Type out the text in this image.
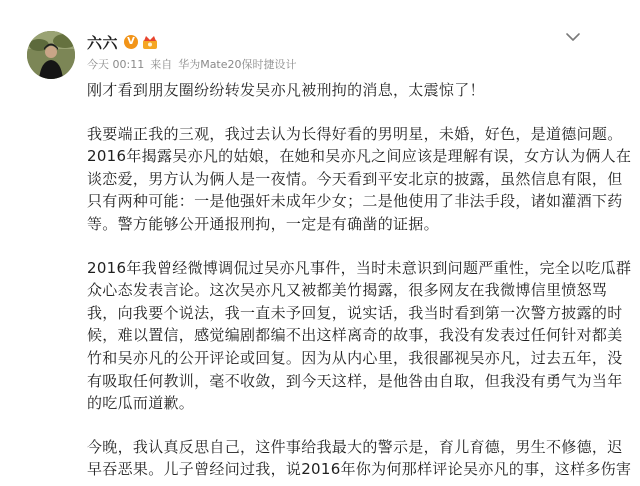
六六 V
今天 00:11 来自 华为Mate20保时捷设计

刚才看到朋友圈纷纷转发吴亦凡被刑拘的消息，太震惊了！

我要端正我的三观，我过去认为长得好看的男明星，未婚，好色，是道德问题。
2016年揭露吴亦凡的姑娘，在她和吴亦凡之间应该是理解有误，女方认为俩人在
谈恋爱，男方认为俩人是一夜情。今天看到平安北京的披露，虽然信息有限，但
只有两种可能：一是他强奸未成年少女；二是他使用了非法手段，诸如灌酒下药
等。警方能够公开通报刑拘，一定是有确凿的证据。

2016年我曾经微博调侃过吴亦凡事件，当时未意识到问题严重性，完全以吃瓜群
众心态发表言论。这次吴亦凡又被都美竹揭露，很多网友在我微博信里愤怒骂
我，向我要个说法，我一直未予回复，说实话，我当时看到第一次警方披露的时
候，难以置信，感觉编剧都编不出这样离奇的故事，我没有发表过任何针对都美
竹和吴亦凡的公开评论或回复。因为从内心里，我很鄙视吴亦凡，过去五年，没
有吸取任何教训，毫不收敛，到今天这样，是他咎由自取，但我没有勇气为当年
的吃瓜而道歉。

今晚，我认真反思自己，这件事给我最大的警示是，育儿育德，男生不修德，迟
早吞恶果。儿子曾经问过我，说2016年你为何那样评论吴亦凡的事，这样多伤害
